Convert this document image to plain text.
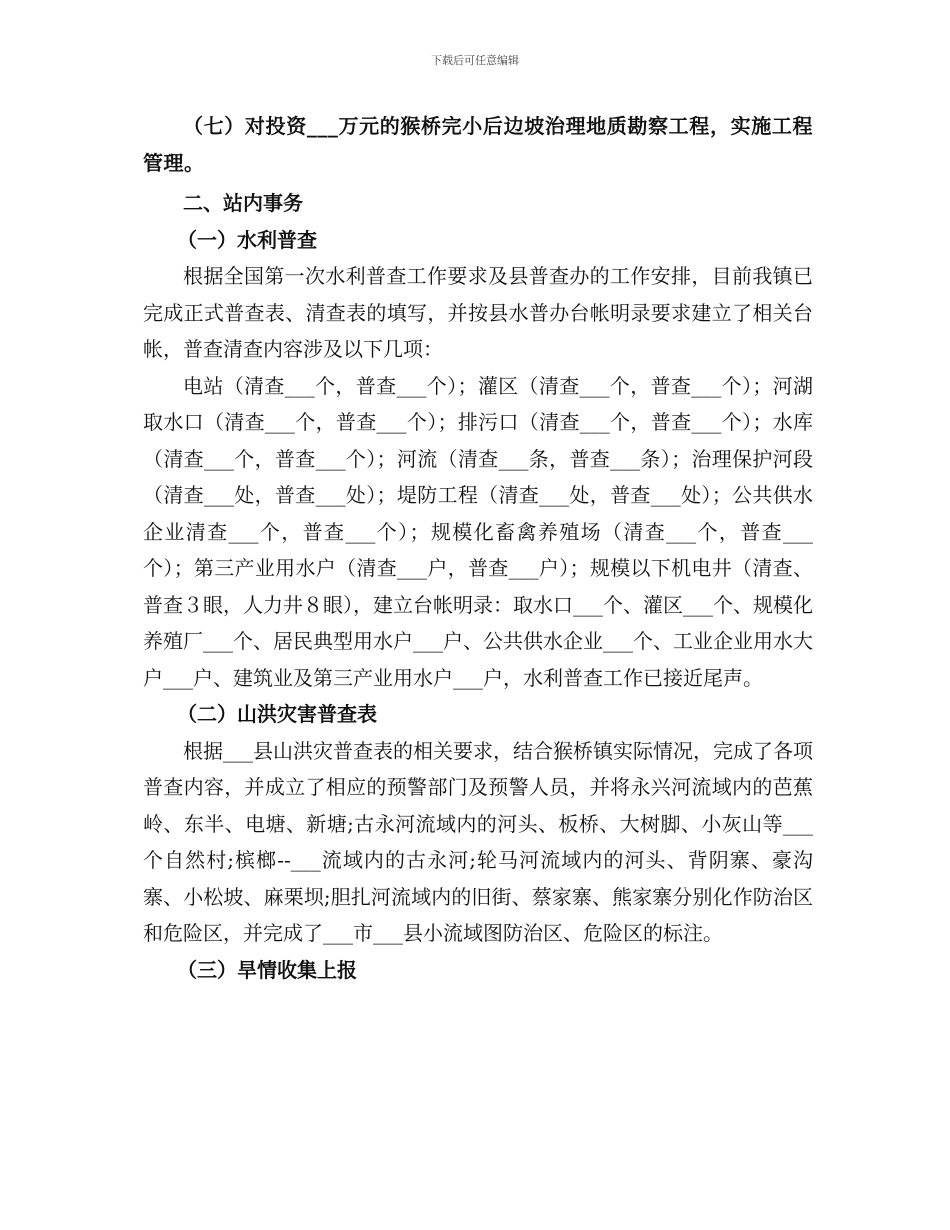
下载后可任意编辑

（七）对投资___万元的猴桥完小后边坡治理地质勘察工程，实施工程管理。

二、站内事务

（一）水利普查

根据全国第一次水利普查工作要求及县普查办的工作安排，目前我镇已完成正式普查表、清查表的填写，并按县水普办台帐明录要求建立了相关台帐，普查清查内容涉及以下几项：

电站（清查___个，普查___个）；灌区（清查___个，普查___个）；河湖取水口（清查___个，普查___个）；排污口（清查___个，普查___个）；水库（清查___个，普查___个）；河流（清查___条，普查___条）；治理保护河段（清查___处，普查___处）；堤防工程（清查___处，普查___处）；公共供水企业清查___个，普查___个）；规模化畜禽养殖场（清查___个，普查___个）；第三产业用水户（清查___户，普查___户）；规模以下机电井（清查、普查３眼，人力井８眼），建立台帐明录：取水口___个、灌区___个、规模化养殖厂___个、居民典型用水户___户、公共供水企业___个、工业企业用水大户___户、建筑业及第三产业用水户___户，水利普查工作已接近尾声。

（二）山洪灾害普查表

根据___县山洪灾普查表的相关要求，结合猴桥镇实际情况，完成了各项普查内容，并成立了相应的预警部门及预警人员，并将永兴河流域内的芭蕉岭、东半、电塘、新塘;古永河流域内的河头、板桥、大树脚、小灰山等___个自然村;槟榔--___流域内的古永河;轮马河流域内的河头、背阴寨、豪沟寨、小松坡、麻栗坝;胆扎河流域内的旧街、蔡家寨、熊家寨分别化作防治区和危险区，并完成了___市___县小流域图防治区、危险区的标注。

（三）旱情收集上报
